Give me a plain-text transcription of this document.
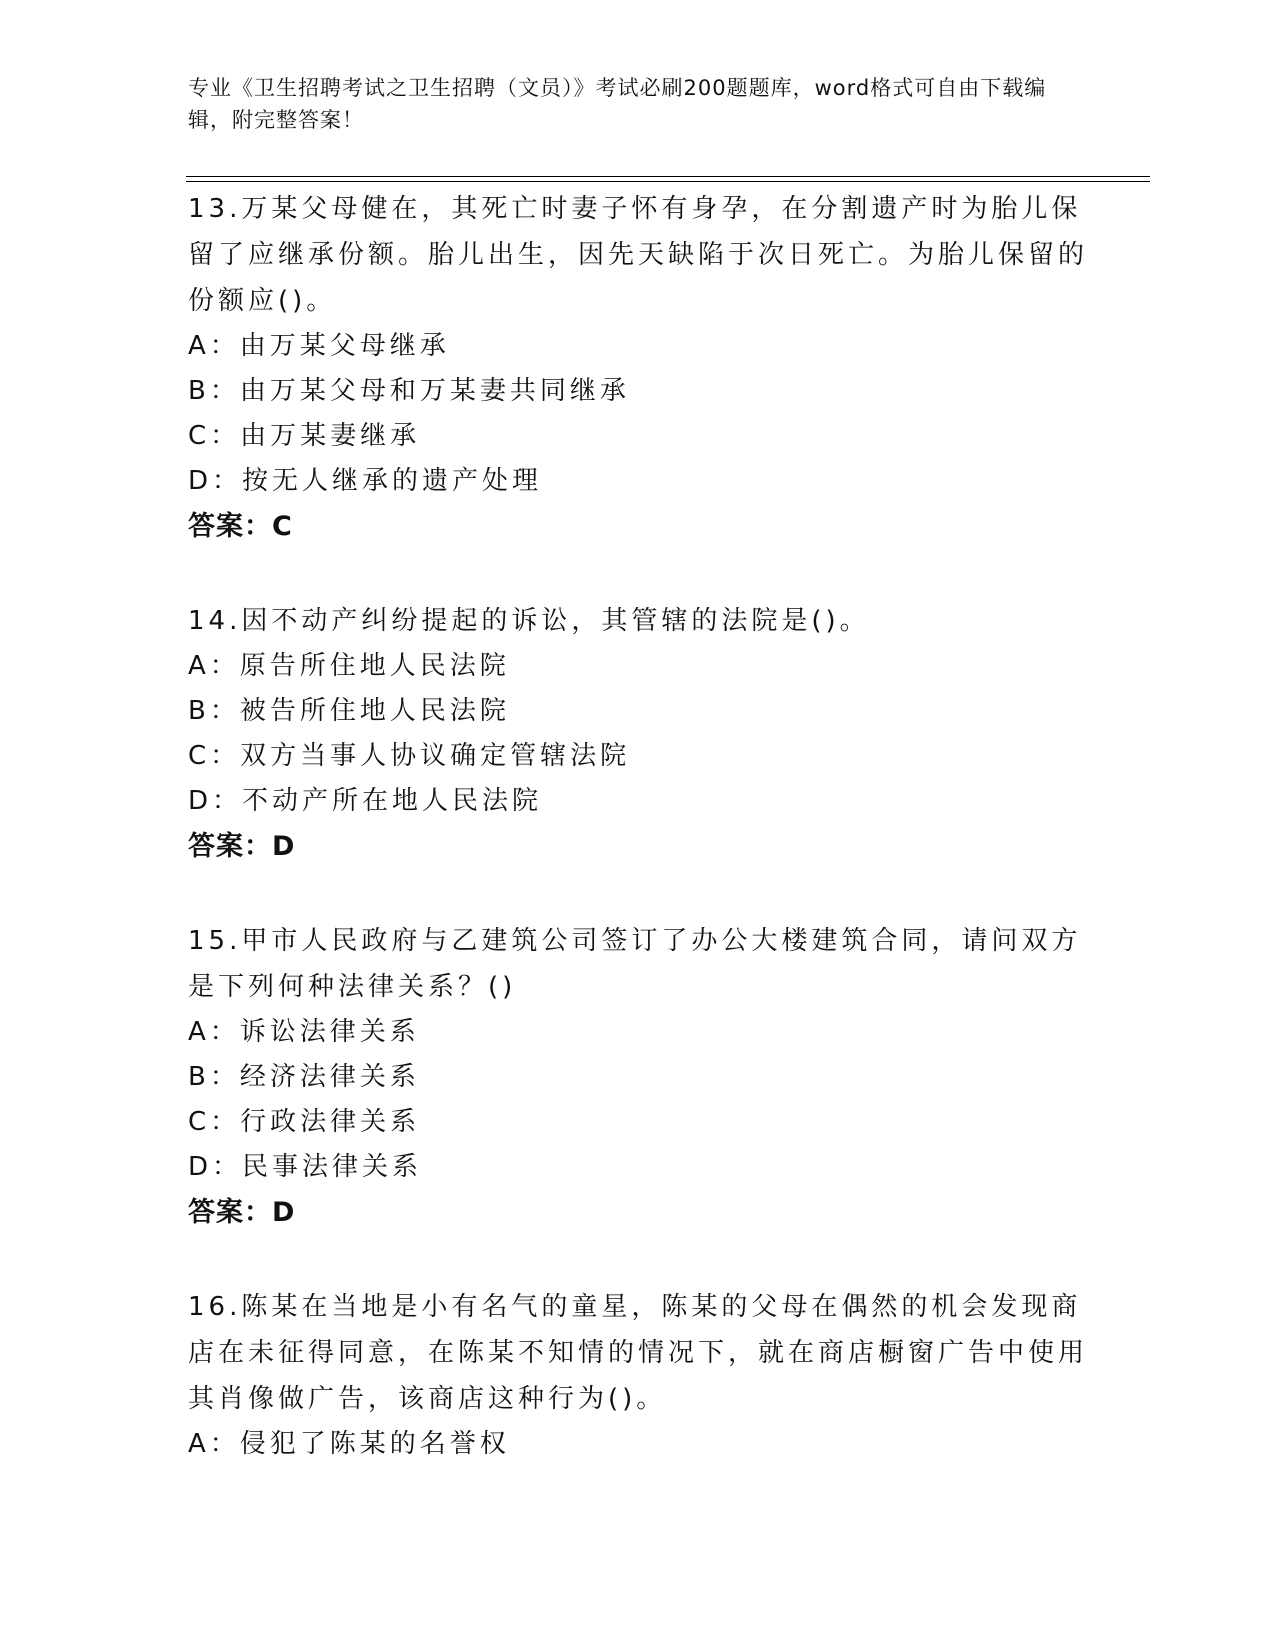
专业《卫生招聘考试之卫生招聘（文员）》考试必刷200题题库，word格式可自由下载编辑，附完整答案！
13.万某父母健在，其死亡时妻子怀有身孕，在分割遗产时为胎儿保留了应继承份额。胎儿出生，因先天缺陷于次日死亡。为胎儿保留的份额应()。
A：由万某父母继承
B：由万某父母和万某妻共同继承
C：由万某妻继承
D：按无人继承的遗产处理
答案：C
14.因不动产纠纷提起的诉讼，其管辖的法院是()。
A：原告所住地人民法院
B：被告所住地人民法院
C：双方当事人协议确定管辖法院
D：不动产所在地人民法院
答案：D
15.甲市人民政府与乙建筑公司签订了办公大楼建筑合同，请问双方是下列何种法律关系？()
A：诉讼法律关系
B：经济法律关系
C：行政法律关系
D：民事法律关系
答案：D
16.陈某在当地是小有名气的童星，陈某的父母在偶然的机会发现商店在未征得同意，在陈某不知情的情况下，就在商店橱窗广告中使用其肖像做广告，该商店这种行为()。
A：侵犯了陈某的名誉权
